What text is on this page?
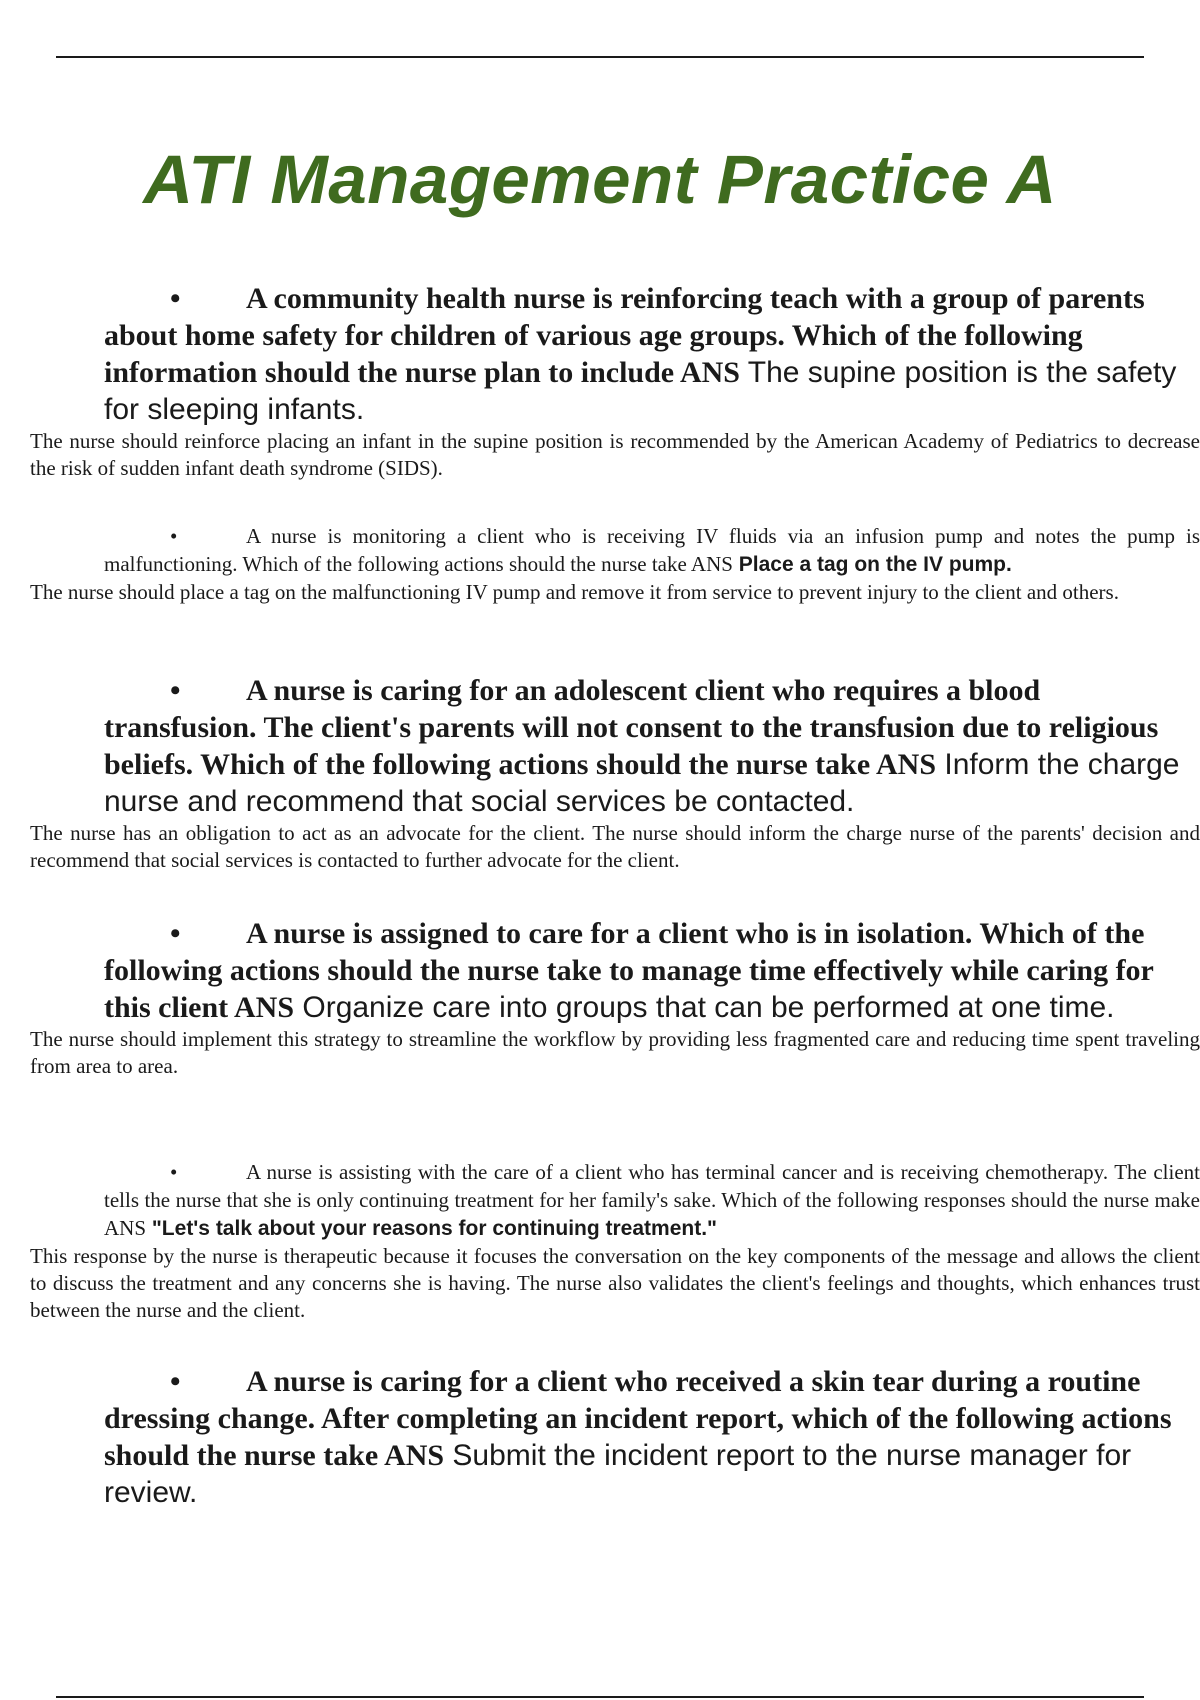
ATI Management Practice A

•	A community health nurse is reinforcing teach with a group of parents about home safety for children of various age groups. Which of the following information should the nurse plan to include ANS The supine position is the safety for sleeping infants.

The nurse should reinforce placing an infant in the supine position is recommended by the American Academy of Pediatrics to decrease the risk of sudden infant death syndrome (SIDS).

•	A nurse is monitoring a client who is receiving IV fluids via an infusion pump and notes the pump is malfunctioning. Which of the following actions should the nurse take ANS Place a tag on the IV pump.

The nurse should place a tag on the malfunctioning IV pump and remove it from service to prevent injury to the client and others.

•	A nurse is caring for an adolescent client who requires a blood transfusion. The client's parents will not consent to the transfusion due to religious beliefs. Which of the following actions should the nurse take ANS Inform the charge nurse and recommend that social services be contacted.

The nurse has an obligation to act as an advocate for the client. The nurse should inform the charge nurse of the parents' decision and recommend that social services is contacted to further advocate for the client.

•	A nurse is assigned to care for a client who is in isolation. Which of the following actions should the nurse take to manage time effectively while caring for this client ANS Organize care into groups that can be performed at one time.

The nurse should implement this strategy to streamline the workflow by providing less fragmented care and reducing time spent traveling from area to area.

•	A nurse is assisting with the care of a client who has terminal cancer and is receiving chemotherapy. The client tells the nurse that she is only continuing treatment for her family's sake. Which of the following responses should the nurse make ANS "Let's talk about your reasons for continuing treatment."

This response by the nurse is therapeutic because it focuses the conversation on the key components of the message and allows the client to discuss the treatment and any concerns she is having. The nurse also validates the client's feelings and thoughts, which enhances trust between the nurse and the client.

•	A nurse is caring for a client who received a skin tear during a routine dressing change. After completing an incident report, which of the following actions should the nurse take ANS Submit the incident report to the nurse manager for review.
